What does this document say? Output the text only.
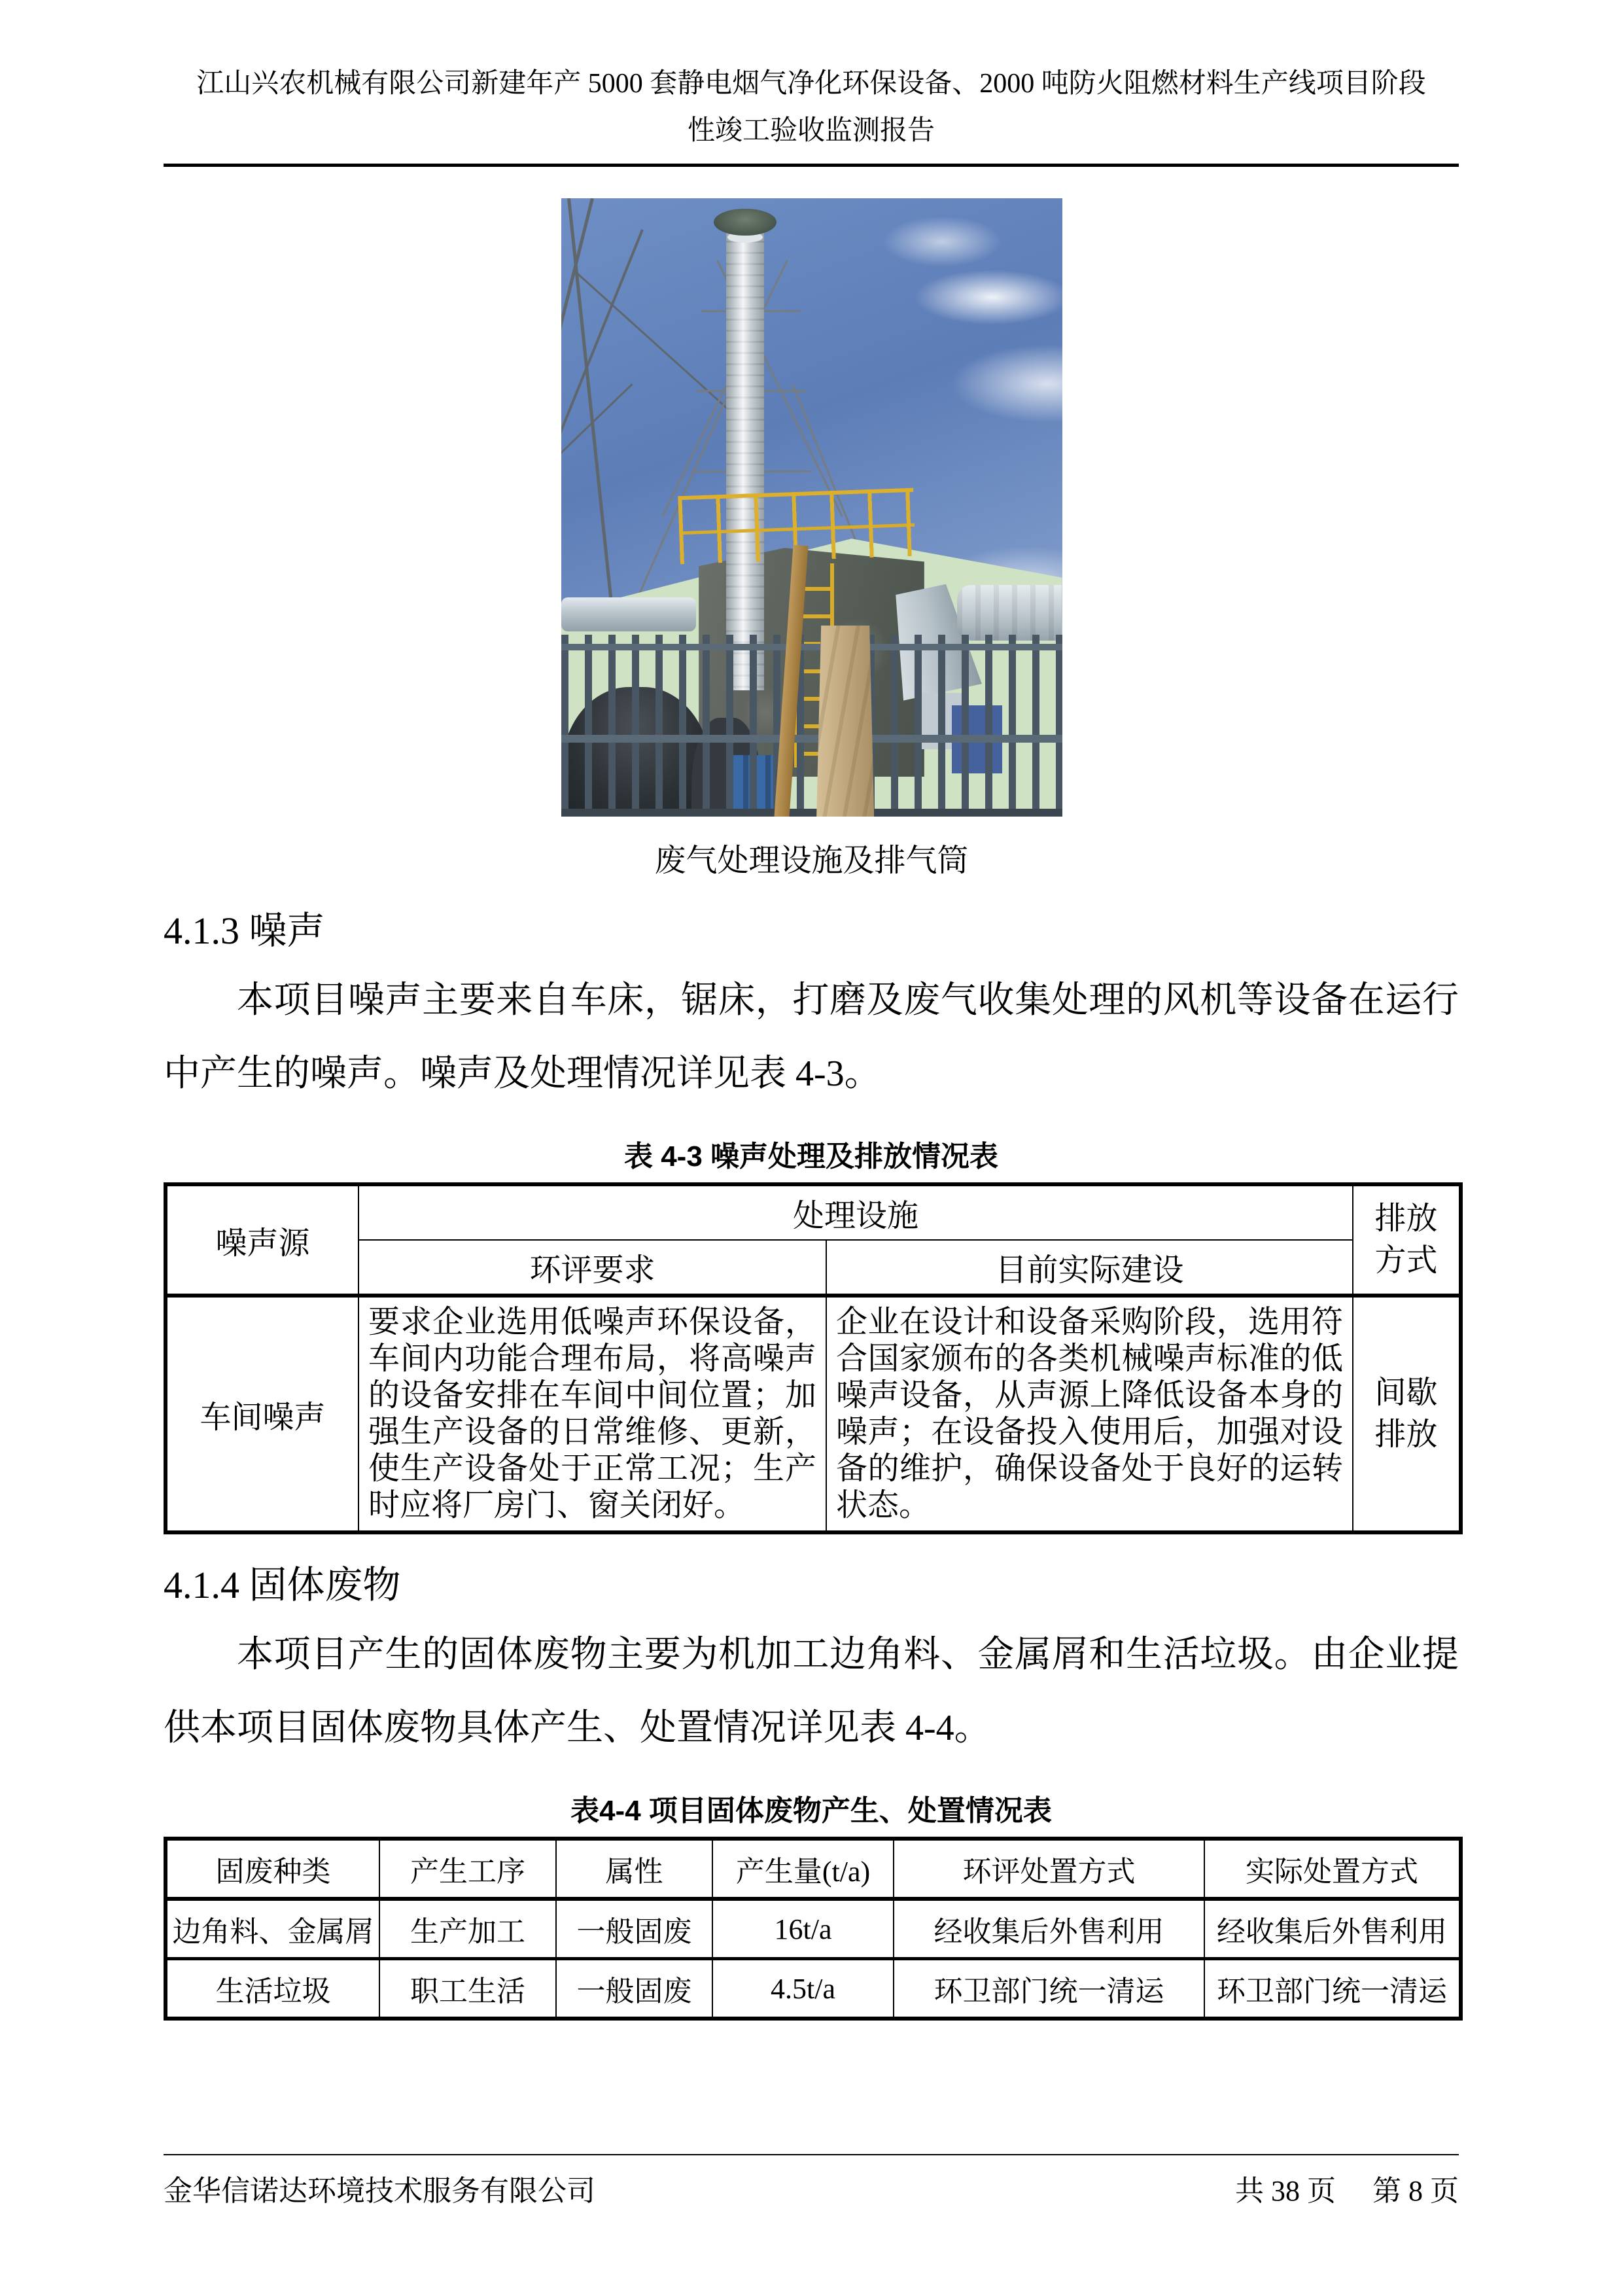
江山兴农机械有限公司新建年产 5000 套静电烟气净化环保设备、2000 吨防火阻燃材料生产线项目阶段
性竣工验收监测报告
废气处理设施及排气筒
4.1.3 噪声

本项目噪声主要来自车床，锯床，打磨及废气收集处理的风机等设备在运行中产生的噪声。噪声及处理情况详见表 4-3。

表 4-3 噪声处理及排放情况表
噪声源	处理设施		排放方式
	环评要求	目前实际建设	
车间噪声	要求企业选用低噪声环保设备，车间内功能合理布局，将高噪声的设备安排在车间中间位置；加强生产设备的日常维修、更新，使生产设备处于正常工况；生产时应将厂房门、窗关闭好。	企业在设计和设备采购阶段，选用符合国家颁布的各类机械噪声标准的低噪声设备，从声源上降低设备本身的噪声；在设备投入使用后，加强对设备的维护，确保设备处于良好的运转状态。	间歇排放
4.1.4 固体废物

本项目产生的固体废物主要为机加工边角料、金属屑和生活垃圾。由企业提供本项目固体废物具体产生、处置情况详见表 4-4。

表4-4 项目固体废物产生、处置情况表
固废种类	产生工序	属性	产生量(t/a)	环评处置方式	实际处置方式
边角料、金属屑	生产加工	一般固废	16t/a	经收集后外售利用	经收集后外售利用
生活垃圾	职工生活	一般固废	4.5t/a	环卫部门统一清运	环卫部门统一清运
金华信诺达环境技术服务有限公司	共 38 页 第 8 页
